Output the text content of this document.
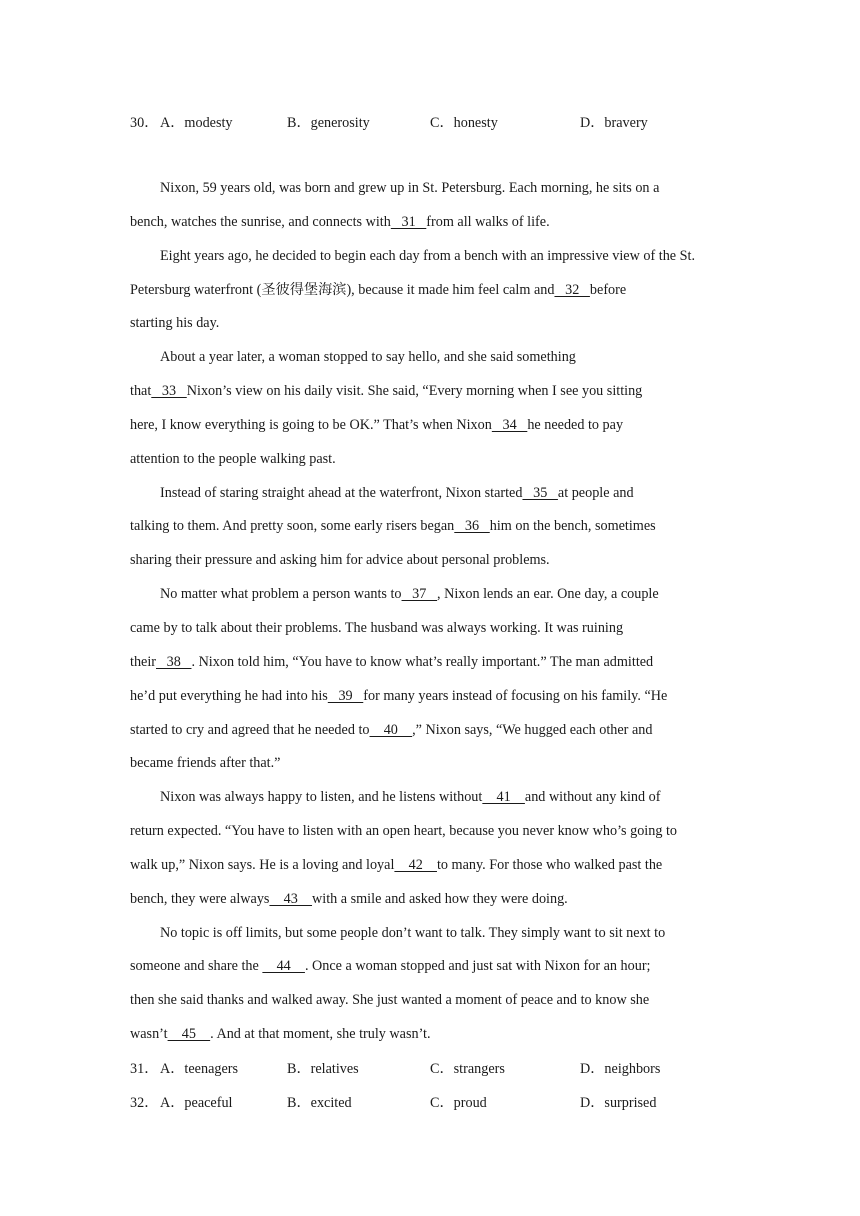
30． A．modesty	B．generosity	C．honesty	D．bravery
Nixon, 59 years old, was born and grew up in St. Petersburg. Each morning, he sits on a
bench, watches the sunrise, and connects with   31   from all walks of life.
Eight years ago, he decided to begin each day from a bench with an impressive view of the St.
Petersburg waterfront (圣彼得堡海滨), because it made him feel calm and   32   before
starting his day.
About a year later, a woman stopped to say hello, and she said something
that   33   Nixon’s view on his daily visit. She said, “Every morning when I see you sitting
here, I know everything is going to be OK.” That’s when Nixon   34   he needed to pay
attention to the people walking past.
Instead of staring straight ahead at the waterfront, Nixon started   35   at people and
talking to them. And pretty soon, some early risers began   36   him on the bench, sometimes
sharing their pressure and asking him for advice about personal problems.
No matter what problem a person wants to   37   , Nixon lends an ear. One day, a couple
came by to talk about their problems. The husband was always working. It was ruining
their   38   . Nixon told him, “You have to know what’s really important.” The man admitted
he’d put everything he had into his   39   for many years instead of focusing on his family. “He
started to cry and agreed that he needed to    40    ,” Nixon says, “We hugged each other and
became friends after that.”
Nixon was always happy to listen, and he listens without    41    and without any kind of
return expected. “You have to listen with an open heart, because you never know who’s going to
walk up,” Nixon says. He is a loving and loyal    42    to many. For those who walked past the
bench, they were always    43    with a smile and asked how they were doing.
No topic is off limits, but some people don’t want to talk. They simply want to sit next to
someone and share the     44    . Once a woman stopped and just sat with Nixon for an hour;
then she said thanks and walked away. She just wanted a moment of peace and to know she
wasn’t    45    . And at that moment, she truly wasn’t.
31． A．teenagers	B．relatives	C．strangers	D．neighbors
32． A．peaceful	B．excited	C．proud	D．surprised
